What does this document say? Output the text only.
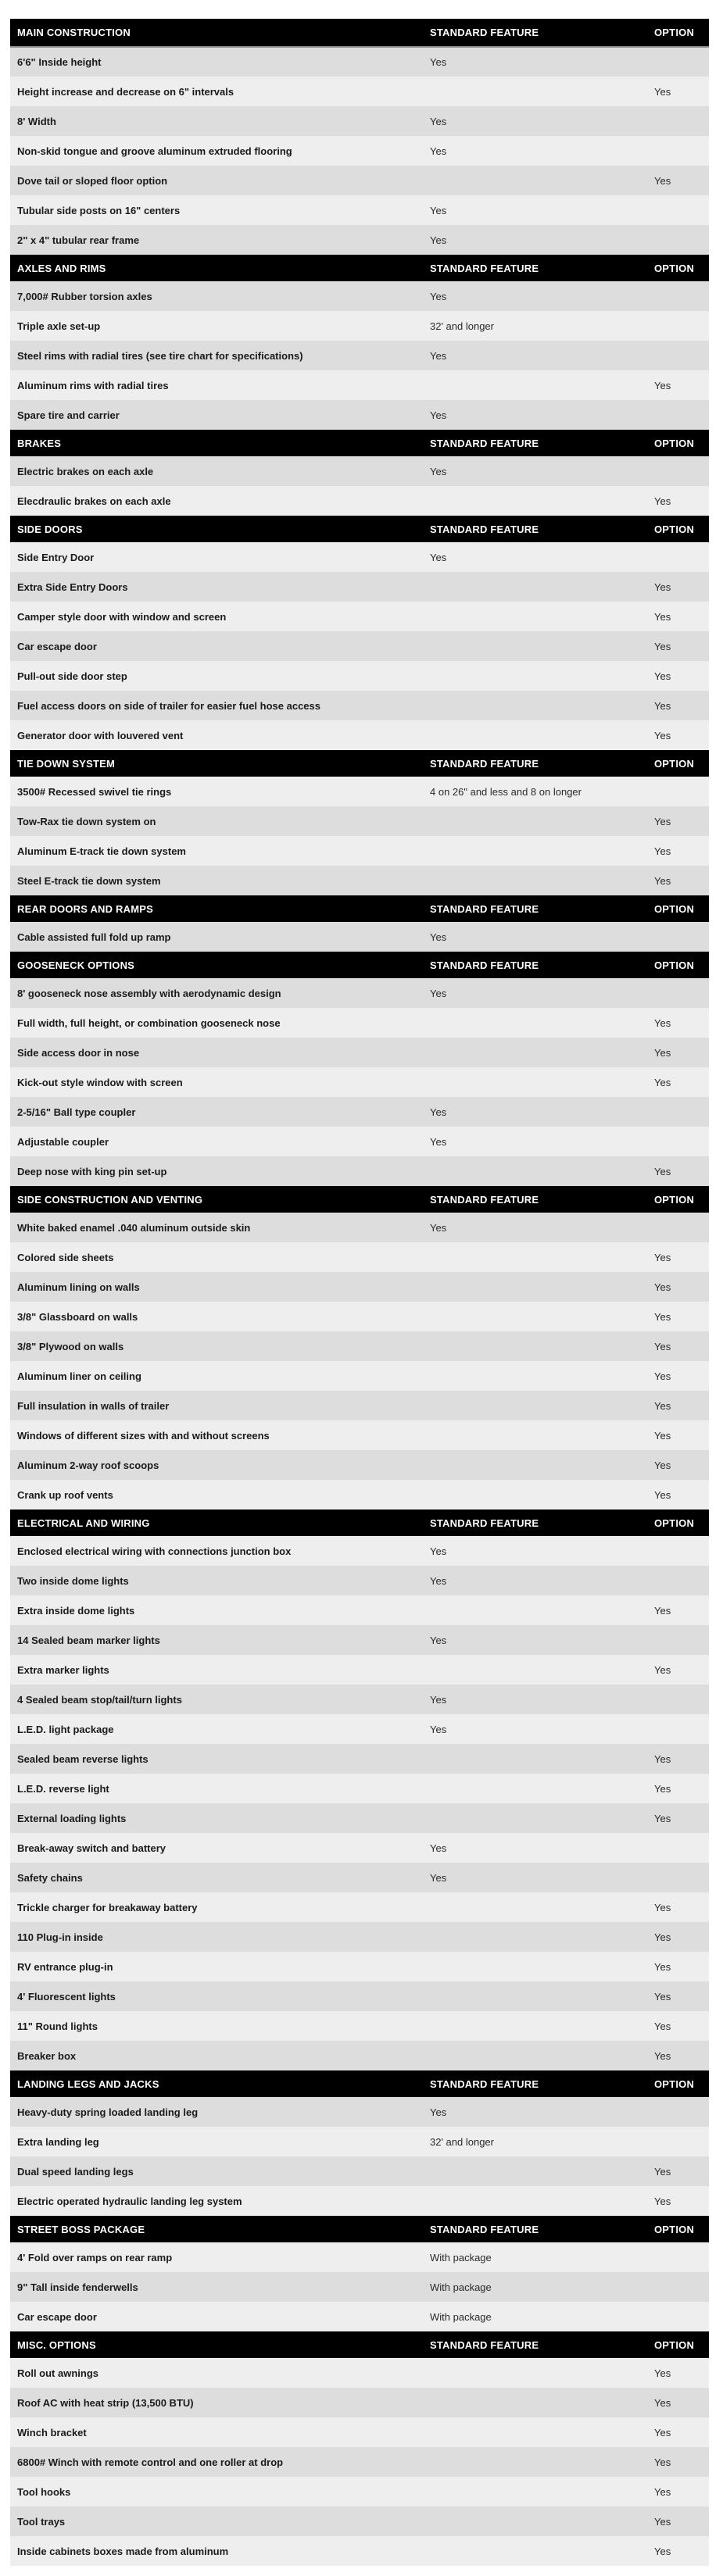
MAIN CONSTRUCTION	STANDARD FEATURE	OPTION
6'6" Inside height	Yes	
Height increase and decrease on 6" intervals		Yes
8' Width	Yes	
Non-skid tongue and groove aluminum extruded flooring	Yes	
Dove tail or sloped floor option		Yes
Tubular side posts on 16" centers	Yes	
2" x 4" tubular rear frame	Yes	
AXLES AND RIMS	STANDARD FEATURE	OPTION
7,000# Rubber torsion axles	Yes	
Triple axle set-up	32' and longer	
Steel rims with radial tires (see tire chart for specifications)	Yes	
Aluminum rims with radial tires		Yes
Spare tire and carrier	Yes	
BRAKES	STANDARD FEATURE	OPTION
Electric brakes on each axle	Yes	
Elecdraulic brakes on each axle		Yes
SIDE DOORS	STANDARD FEATURE	OPTION
Side Entry Door	Yes	
Extra Side Entry Doors		Yes
Camper style door with window and screen		Yes
Car escape door		Yes
Pull-out side door step		Yes
Fuel access doors on side of trailer for easier fuel hose access		Yes
Generator door with louvered vent		Yes
TIE DOWN SYSTEM	STANDARD FEATURE	OPTION
3500# Recessed swivel tie rings	4 on 26" and less and 8 on longer	
Tow-Rax tie down system on		Yes
Aluminum E-track tie down system		Yes
Steel E-track tie down system		Yes
REAR DOORS AND RAMPS	STANDARD FEATURE	OPTION
Cable assisted full fold up ramp	Yes	
GOOSENECK OPTIONS	STANDARD FEATURE	OPTION
8' gooseneck nose assembly with aerodynamic design	Yes	
Full width, full height, or combination gooseneck nose		Yes
Side access door in nose		Yes
Kick-out style window with screen		Yes
2-5/16" Ball type coupler	Yes	
Adjustable coupler	Yes	
Deep nose with king pin set-up		Yes
SIDE CONSTRUCTION AND VENTING	STANDARD FEATURE	OPTION
White baked enamel .040 aluminum outside skin	Yes	
Colored side sheets		Yes
Aluminum lining on walls		Yes
3/8" Glassboard on walls		Yes
3/8" Plywood on walls		Yes
Aluminum liner on ceiling		Yes
Full insulation in walls of trailer		Yes
Windows of different sizes with and without screens		Yes
Aluminum 2-way roof scoops		Yes
Crank up roof vents		Yes
ELECTRICAL AND WIRING	STANDARD FEATURE	OPTION
Enclosed electrical wiring with connections junction box	Yes	
Two inside dome lights	Yes	
Extra inside dome lights		Yes
14 Sealed beam marker lights	Yes	
Extra marker lights		Yes
4 Sealed beam stop/tail/turn lights	Yes	
L.E.D. light package	Yes	
Sealed beam reverse lights		Yes
L.E.D. reverse light		Yes
External loading lights		Yes
Break-away switch and battery	Yes	
Safety chains	Yes	
Trickle charger for breakaway battery		Yes
110 Plug-in inside		Yes
RV entrance plug-in		Yes
4' Fluorescent lights		Yes
11" Round lights		Yes
Breaker box		Yes
LANDING LEGS AND JACKS	STANDARD FEATURE	OPTION
Heavy-duty spring loaded landing leg	Yes	
Extra landing leg	32' and longer	
Dual speed landing legs		Yes
Electric operated hydraulic landing leg system		Yes
STREET BOSS PACKAGE	STANDARD FEATURE	OPTION
4' Fold over ramps on rear ramp	With package	
9" Tall inside fenderwells	With package	
Car escape door	With package	
MISC. OPTIONS	STANDARD FEATURE	OPTION
Roll out awnings		Yes
Roof AC with heat strip (13,500 BTU)		Yes
Winch bracket		Yes
6800# Winch with remote control and one roller at drop		Yes
Tool hooks		Yes
Tool trays		Yes
Inside cabinets boxes made from aluminum		Yes
